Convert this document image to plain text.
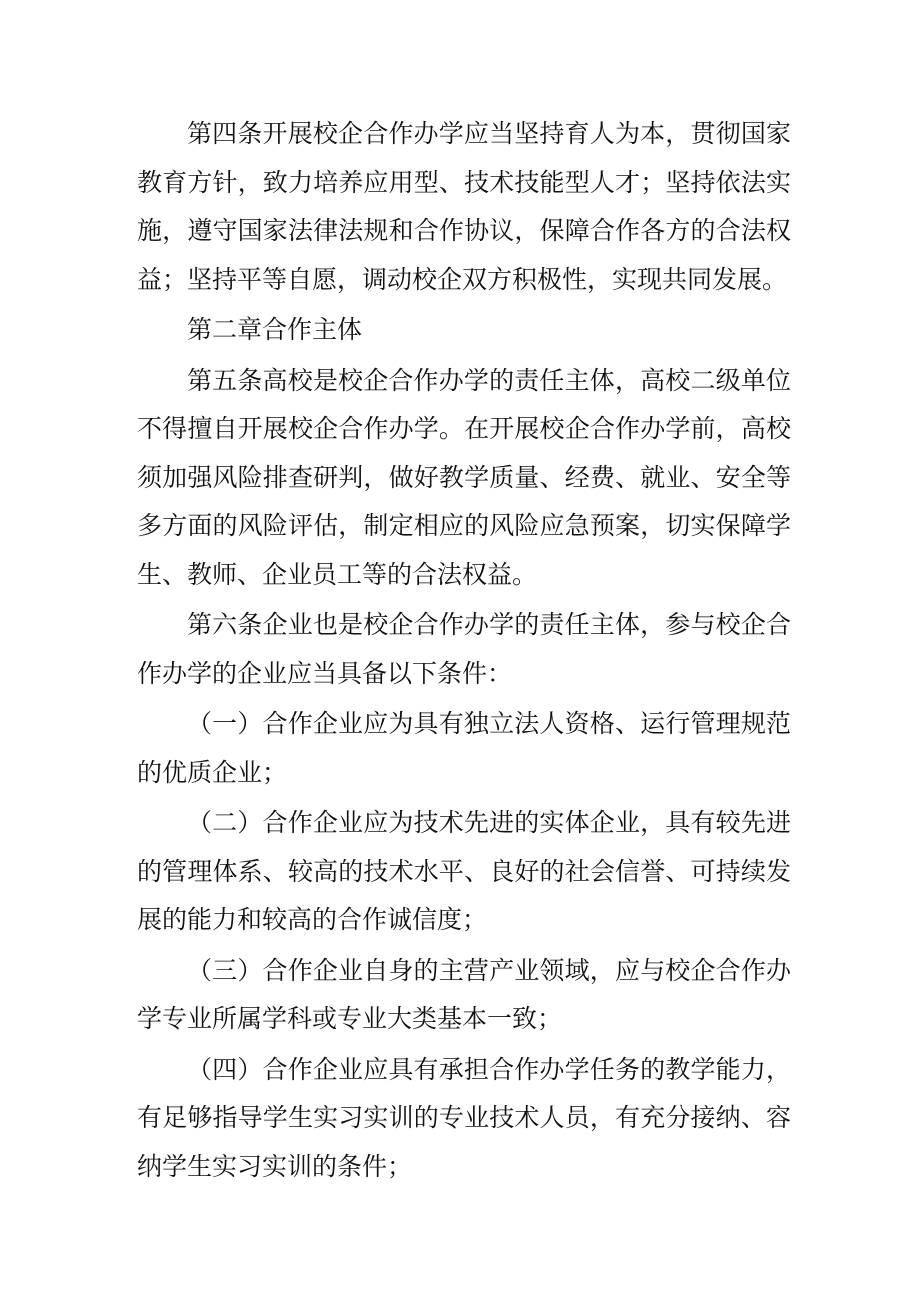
第四条开展校企合作办学应当坚持育人为本，贯彻国家教育方针，致力培养应用型、技术技能型人才；坚持依法实施，遵守国家法律法规和合作协议，保障合作各方的合法权益；坚持平等自愿，调动校企双方积极性，实现共同发展。

第二章合作主体

第五条高校是校企合作办学的责任主体，高校二级单位不得擅自开展校企合作办学。在开展校企合作办学前，高校须加强风险排查研判，做好教学质量、经费、就业、安全等多方面的风险评估，制定相应的风险应急预案，切实保障学生、教师、企业员工等的合法权益。

第六条企业也是校企合作办学的责任主体，参与校企合作办学的企业应当具备以下条件：

（一）合作企业应为具有独立法人资格、运行管理规范的优质企业；

（二）合作企业应为技术先进的实体企业，具有较先进的管理体系、较高的技术水平、良好的社会信誉、可持续发展的能力和较高的合作诚信度；

（三）合作企业自身的主营产业领域，应与校企合作办学专业所属学科或专业大类基本一致；

（四）合作企业应具有承担合作办学任务的教学能力，有足够指导学生实习实训的专业技术人员，有充分接纳、容纳学生实习实训的条件；
